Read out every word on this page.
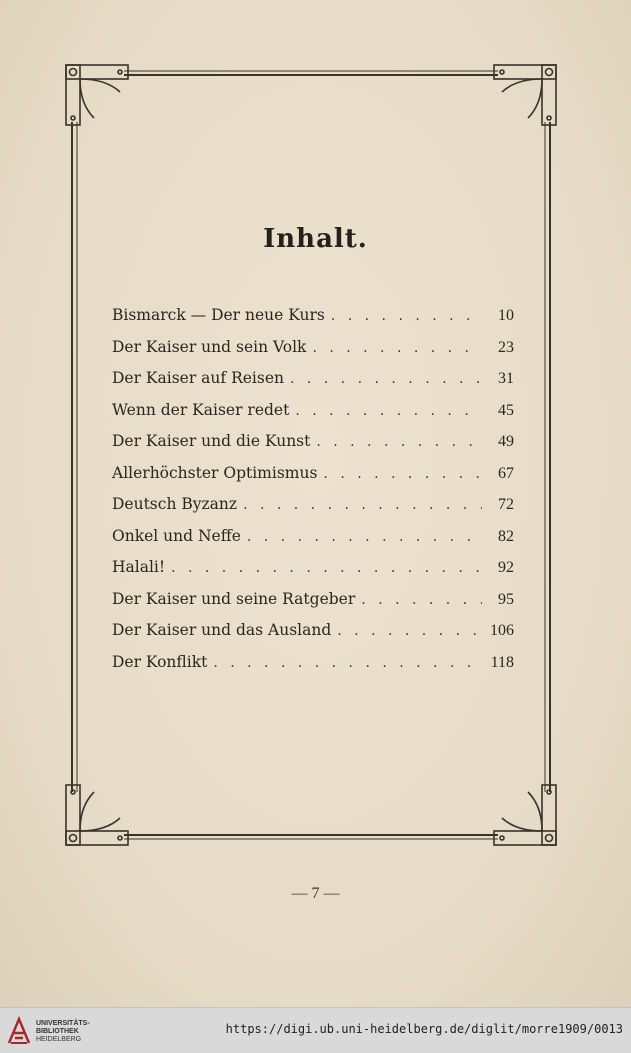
Inhalt.
Bismarck — Der neue Kurs . . .	10
Der Kaiser und sein Volk . . .	23
Der Kaiser auf Reisen . . .	31
Wenn der Kaiser redet . . .	45
Der Kaiser und die Kunst . . .	49
Allerhöchster Optimismus . . .	67
Deutsch Byzanz . . .	72
Onkel und Neffe . . .	82
Halali! . . .	92
Der Kaiser und seine Ratgeber . . .	95
Der Kaiser und das Ausland . . .	106
Der Konflikt . . .	118
— 7 —
UNIVERSITÄTS-
BIBLIOTHEK
HEIDELBERG
https://digi.ub.uni-heidelberg.de/diglit/morre1909/0013
